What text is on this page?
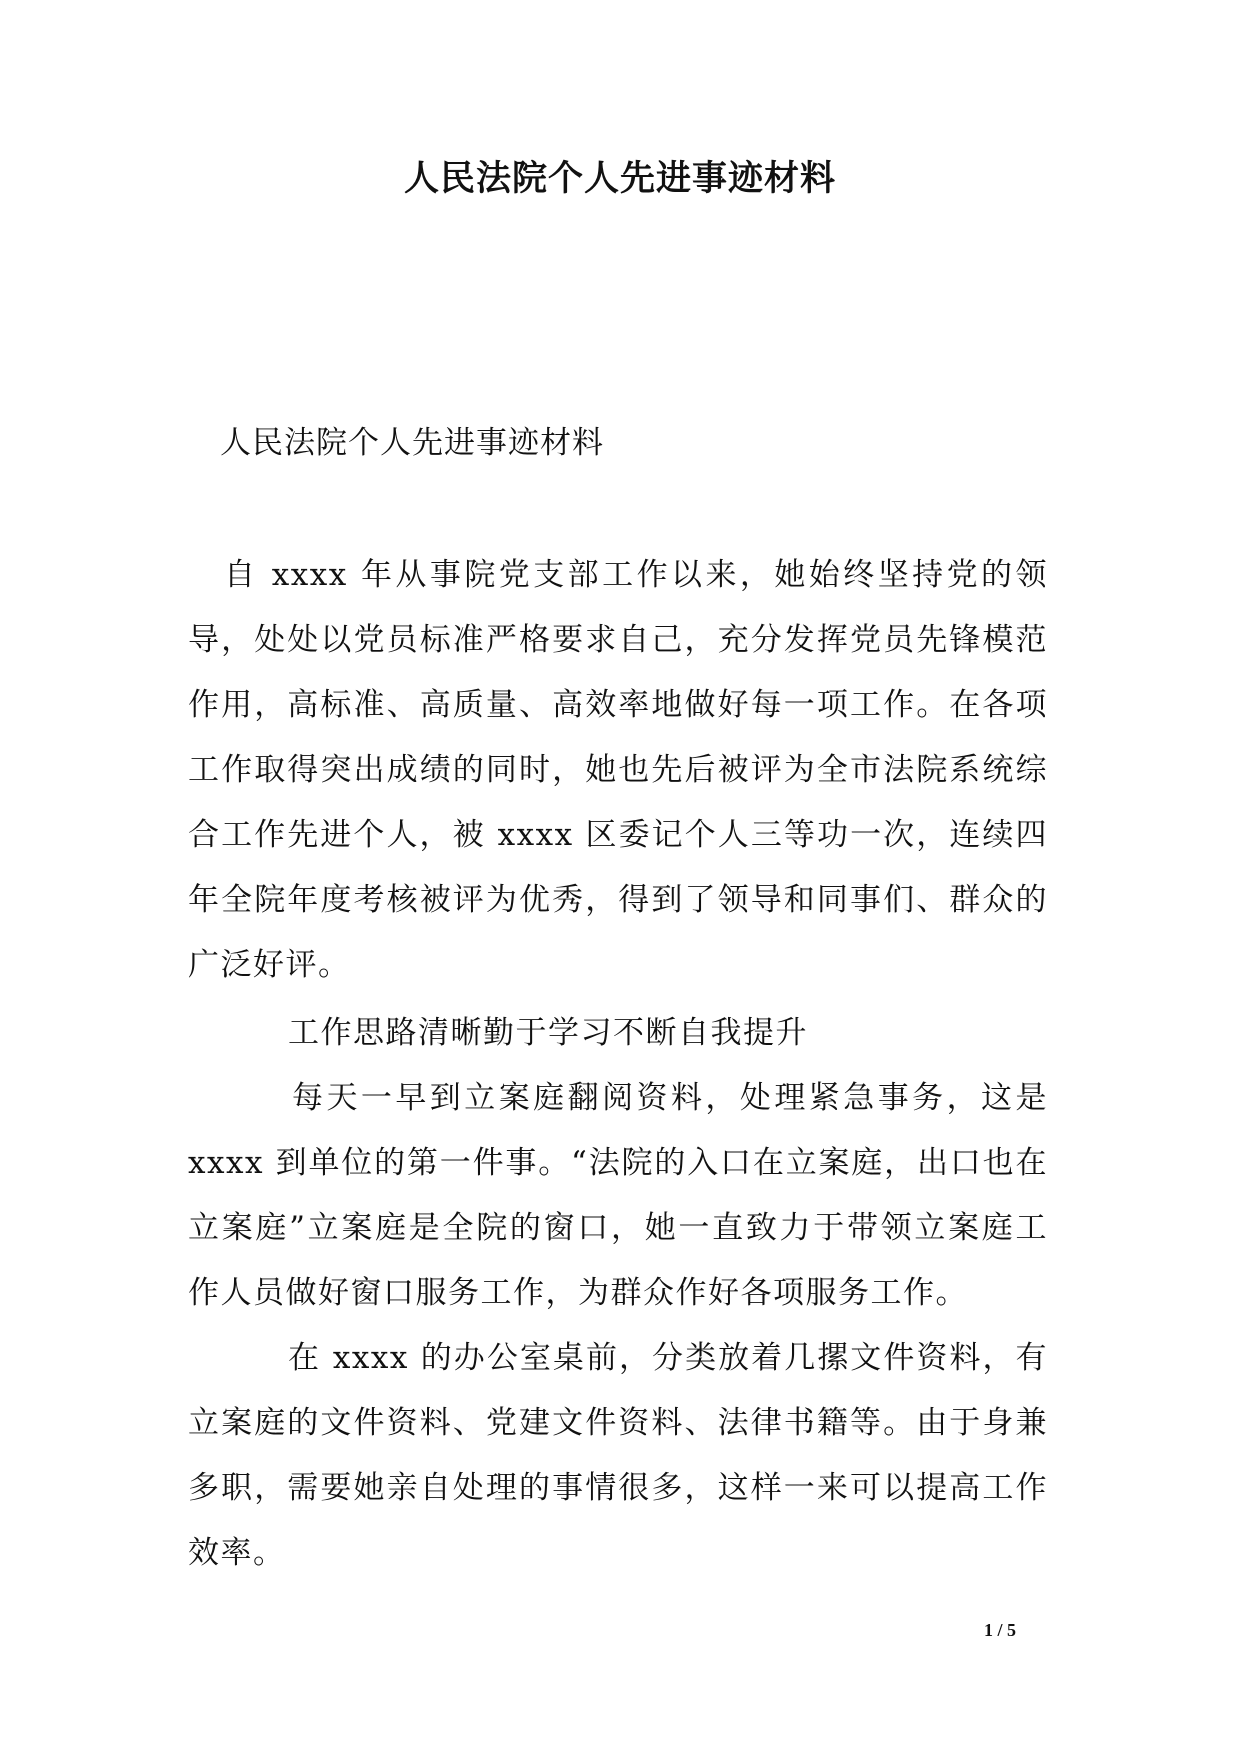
人民法院个人先进事迹材料

人民法院个人先进事迹材料

自 xxxx 年从事院党支部工作以来，她始终坚持党的领导，处处以党员标准严格要求自己，充分发挥党员先锋模范作用，高标准、高质量、高效率地做好每一项工作。在各项工作取得突出成绩的同时，她也先后被评为全市法院系统综合工作先进个人，被 xxxx 区委记个人三等功一次，连续四年全院年度考核被评为优秀，得到了领导和同事们、群众的广泛好评。

工作思路清晰勤于学习不断自我提升

每天一早到立案庭翻阅资料，处理紧急事务，这是 xxxx 到单位的第一件事。“法院的入口在立案庭，出口也在立案庭”立案庭是全院的窗口，她一直致力于带领立案庭工作人员做好窗口服务工作，为群众作好各项服务工作。

在 xxxx 的办公室桌前，分类放着几摞文件资料，有立案庭的文件资料、党建文件资料、法律书籍等。由于身兼多职，需要她亲自处理的事情很多，这样一来可以提高工作效率。

1 / 5
